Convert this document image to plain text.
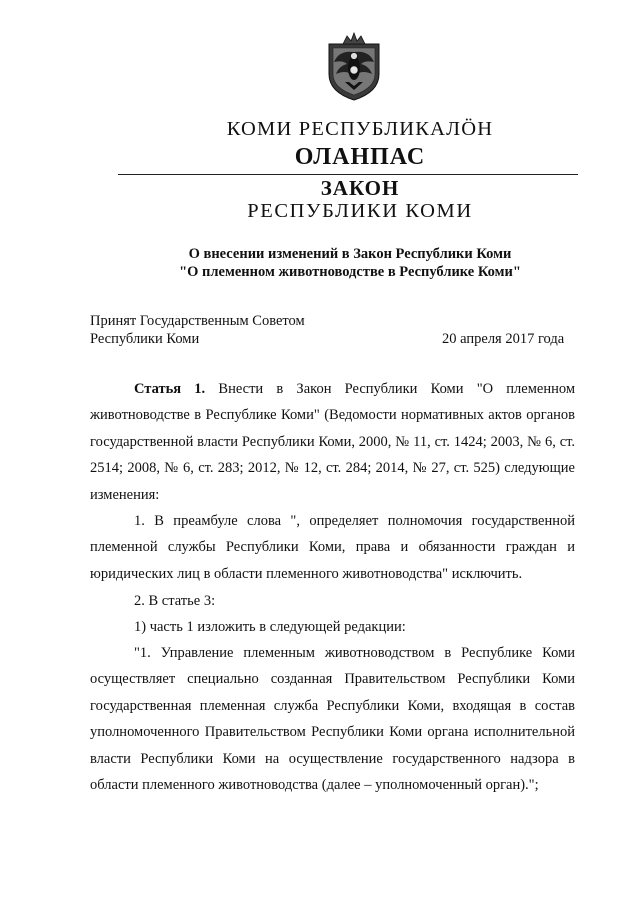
КОМИ РЕСПУБЛИКАЛÖН
ОЛАНПАС
ЗАКОН
РЕСПУБЛИКИ КОМИ
О внесении изменений в Закон Республики Коми
"О племенном животноводстве в Республике Коми"
Принят Государственным Советом
Республики Коми	20 апреля 2017 года

Статья 1. Внести в Закон Республики Коми "О племенном животноводстве в Республике Коми" (Ведомости нормативных актов органов государственной власти Республики Коми, 2000, № 11, ст. 1424; 2003, № 6, ст. 2514; 2008, № 6, ст. 283; 2012, № 12, ст. 284; 2014, № 27, ст. 525) следующие изменения:

1. В преамбуле слова ", определяет полномочия государственной племенной службы Республики Коми, права и обязанности граждан и юридических лиц в области племенного животноводства" исключить.

2. В статье 3:

1) часть 1 изложить в следующей редакции:

"1. Управление племенным животноводством в Республике Коми осуществляет специально созданная Правительством Республики Коми государственная племенная служба Республики Коми, входящая в состав уполномоченного Правительством Республики Коми органа исполнительной власти Республики Коми на осуществление государственного надзора в области племенного животноводства (далее – уполномоченный орган).";
